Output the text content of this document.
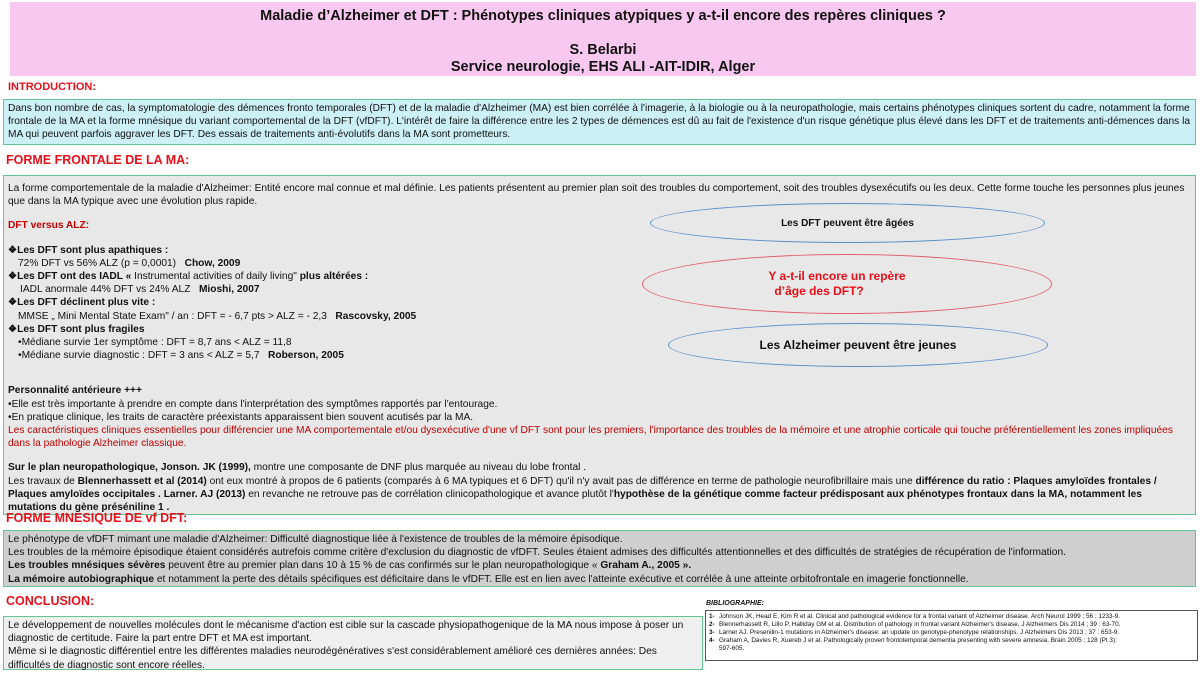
Maladie d’Alzheimer et DFT : Phénotypes cliniques atypiques y a-t-il encore des repères cliniques ?
S. Belarbi
Service neurologie, EHS ALI -AIT-IDIR, Alger
INTRODUCTION:
Dans bon nombre de cas, la symptomatologie des démences fronto temporales (DFT) et de la maladie d'Alzheimer (MA) est bien corrélée à l'imagerie, à la biologie ou à la neuropathologie, mais certains phénotypes cliniques sortent du cadre, notamment la forme frontale de la MA et la forme mnésique du variant comportemental de la DFT (vfDFT). L'intérêt de faire la différence entre les 2 types de démences est dû au fait de l'existence d'un risque génétique plus élevé dans les DFT et de traitements anti-démences dans la MA qui peuvent parfois aggraver les DFT. Des essais de traitements anti-évolutifs dans la MA sont prometteurs.
FORME FRONTALE DE LA MA:
La forme comportementale de la maladie d'Alzheimer: Entité encore mal connue et mal définie. Les patients présentent au premier plan soit des troubles du comportement, soit des troubles dysexécutifs ou les deux. Cette forme touche les personnes plus jeunes que dans la MA typique avec une évolution plus rapide.
DFT versus ALZ:
❖Les DFT sont plus apathiques :
72% DFT vs 56% ALZ (p = 0,0001) Chow, 2009
❖Les DFT ont des IADL « Instrumental activities of daily living" plus altérées :
IADL anormale 44% DFT vs 24% ALZ Mioshi, 2007
❖Les DFT déclinent plus vite :
MMSE „ Mini Mental State Exam" / an : DFT = - 6,7 pts > ALZ = - 2,3 Rascovsky, 2005
❖Les DFT sont plus fragiles
•Médiane survie 1er symptôme : DFT = 8,7 ans < ALZ = 11,8
•Médiane survie diagnostic : DFT = 3 ans < ALZ = 5,7 Roberson, 2005
Personnalité antérieure +++
•Elle est très importante à prendre en compte dans l'interprétation des symptômes rapportés par l'entourage.
•En pratique clinique, les traits de caractère préexistants apparaissent bien souvent acutisés par la MA.
Les caractéristiques cliniques essentielles pour différencier une MA comportementale et/ou dysexécutive d'une vf DFT sont pour les premiers, l'importance des troubles de la mémoire et une atrophie corticale qui touche préférentiellement les zones impliquées dans la pathologie Alzheimer classique.
Sur le plan neuropathologique, Jonson. JK (1999), montre une composante de DNF plus marquée au niveau du lobe frontal .
Les travaux de Blennerhassett et al (2014) ont eux montré à propos de 6 patients (comparés à 6 MA typiques et 6 DFT) qu'il n'y avait pas de différence en terme de pathologie neurofibrillaire mais une différence du ratio : Plaques amyloïdes frontales / Plaques amyloïdes occipitales . Larner. AJ (2013) en revanche ne retrouve pas de corrélation clinicopathologique et avance plutôt l'hypothèse de la génétique comme facteur prédisposant aux phénotypes frontaux dans la MA, notamment les mutations du gène préséniline 1 .
Les DFT peuvent être âgées
Y a-t-il encore un repère
d’âge des DFT?
Les Alzheimer peuvent être jeunes
FORME MNESIQUE DE vf DFT:
Le phénotype de vfDFT mimant une maladie d'Alzheimer: Difficulté diagnostique liée à l'existence de troubles de la mémoire épisodique.
Les troubles de la mémoire épisodique étaient considérés autrefois comme critère d'exclusion du diagnostic de vfDFT. Seules étaient admises des difficultés attentionnelles et des difficultés de stratégies de récupération de l'information.
Les troubles mnésiques sévères peuvent être au premier plan dans 10 à 15 % de cas confirmés sur le plan neuropathologique « Graham A., 2005 ».
La mémoire autobiographique et notamment la perte des détails spécifiques est déficitaire dans le vfDFT. Elle est en lien avec l'atteinte exécutive et corrélée à une atteinte orbitofrontale en imagerie fonctionnelle.
CONCLUSION:
Le développement de nouvelles molécules dont le mécanisme d'action est cible sur la cascade physiopathogenique de la MA nous impose à poser un diagnostic de certitude. Faire la part entre DFT et MA est important.
Même si le diagnostic différentiel entre les différentes maladies neurodégénératives s'est considérablement amélioré ces dernières années: Des difficultés de diagnostic sont encore réelles.
BIBLIOGRAPHIE:
1- Johnson JK, Head E, Kim R et al. Clinical and pathological evidence for a frontal variant of Alzheimer disease. Arch Neurol 1999 ; 56 : 1233-9.
2- Blennerhassett R, Lillo P, Halliday GM et al. Distribution of pathology in frontal variant Alzheimer's disease. J Alzheimers Dis 2014 ; 39 : 63-70.
3- Larner AJ. Presenilin-1 mutations in Alzheimer's disease: an update on genotype-phenotype relationships. J Alzheimers Dis 2013 ; 37 : 653-9.
4- Graham A, Davies R, Xuereb J et al. Pathologically proven frontotemporal dementia presenting with severe amnesia. Brain 2005 ; 128 (Pt 3):
597-605.
